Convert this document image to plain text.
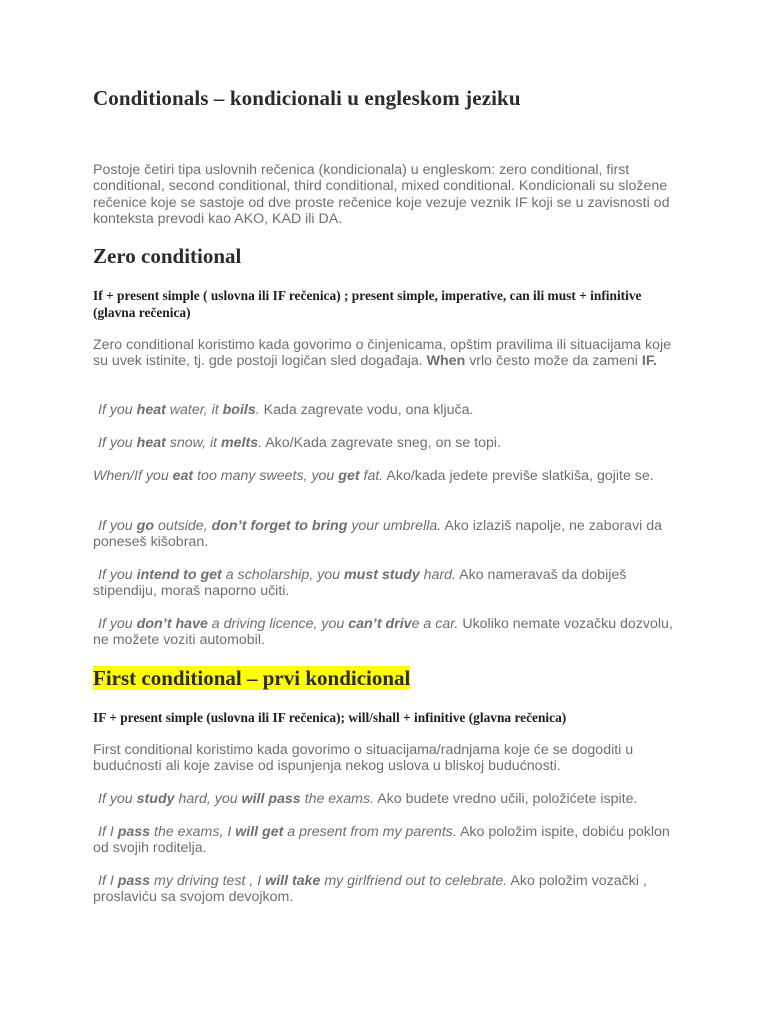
Conditionals – kondicionali u engleskom jeziku

Postoje četiri tipa uslovnih rečenica (kondicionala) u engleskom: zero conditional, first conditional, second conditional, third conditional, mixed conditional. Kondicionali su složene rečenice koje se sastoje od dve proste rečenice koje vezuje veznik IF koji se u zavisnosti od konteksta prevodi kao AKO, KAD ili DA.

Zero conditional

If + present simple ( uslovna ili IF rečenica) ; present simple, imperative, can ili must + infinitive (glavna rečenica)

Zero conditional koristimo kada govorimo o činjenicama, opštim pravilima ili situacijama koje su uvek istinite, tj. gde postoji logičan sled događaja. When vrlo često može da zameni IF.

If you heat water, it boils. Kada zagrevate vodu, ona ključa.

If you heat snow, it melts. Ako/Kada zagrevate sneg, on se topi.

When/If you eat too many sweets, you get fat. Ako/kada jedete previše slatkiša, gojite se.

If you go outside, don’t forget to bring your umbrella. Ako izlaziš napolje, ne zaboravi da poneseš kišobran.

If you intend to get a scholarship, you must study hard. Ako nameravaš da dobiješ stipendiju, moraš naporno učiti.

If you don’t have a driving licence, you can’t drive a car. Ukoliko nemate vozačku dozvolu, ne možete voziti automobil.

First conditional – prvi kondicional

IF + present simple (uslovna ili IF rečenica); will/shall + infinitive (glavna rečenica)

First conditional koristimo kada govorimo o situacijama/radnjama koje će se dogoditi u budućnosti ali koje zavise od ispunjenja nekog uslova u bliskoj budućnosti.

If you study hard, you will pass the exams. Ako budete vredno učili, položićete ispite.

If I pass the exams, I will get a present from my parents. Ako položim ispite, dobiću poklon od svojih roditelja.

If I pass my driving test , I will take my girlfriend out to celebrate. Ako položim vozački , proslaviću sa svojom devojkom.
